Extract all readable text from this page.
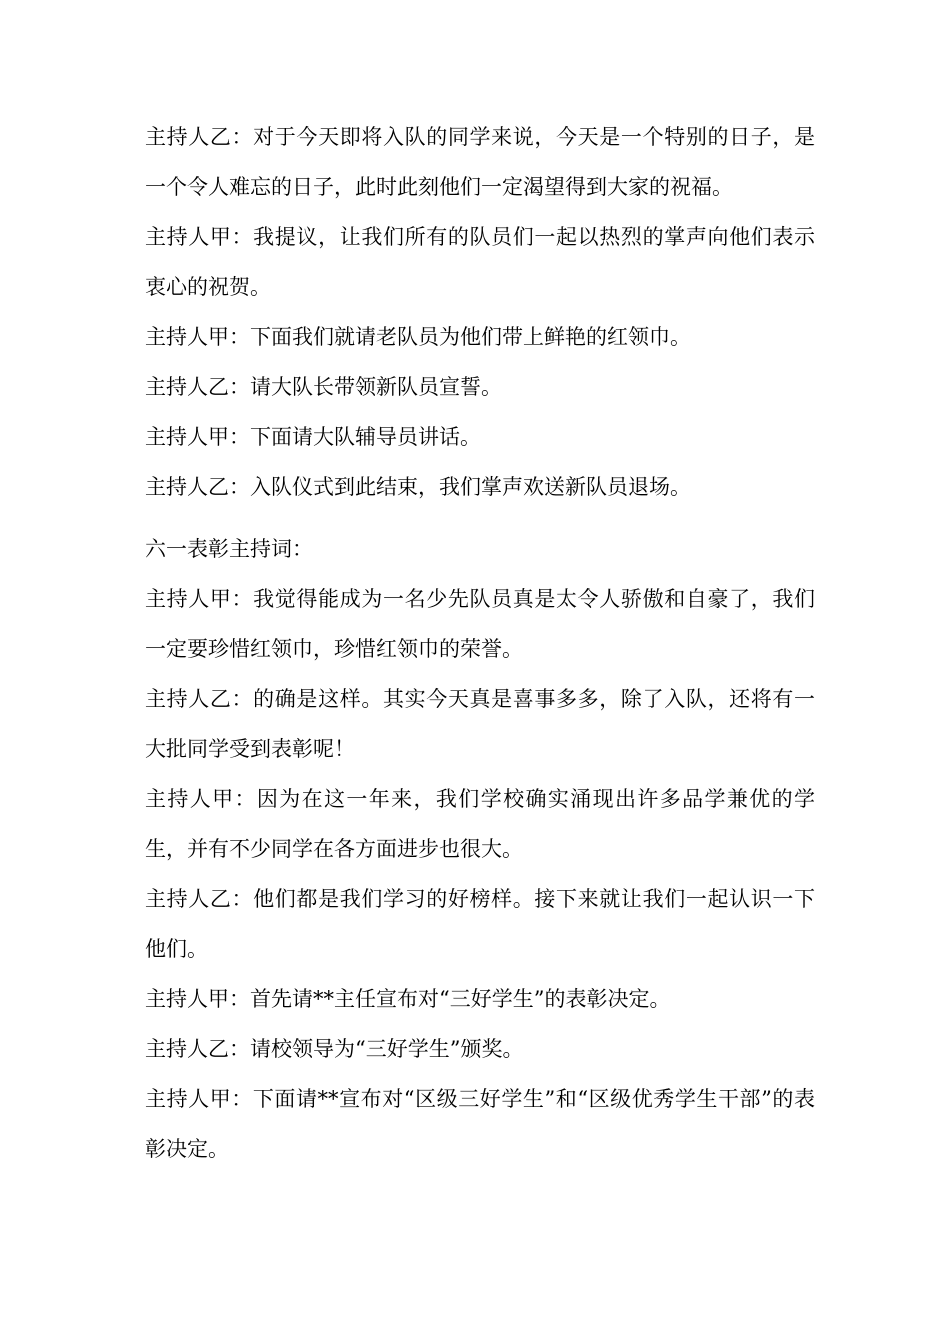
主持人乙：对于今天即将入队的同学来说，今天是一个特别的日子，是一个令人难忘的日子，此时此刻他们一定渴望得到大家的祝福。

主持人甲：我提议，让我们所有的队员们一起以热烈的掌声向他们表示衷心的祝贺。

主持人甲：下面我们就请老队员为他们带上鲜艳的红领巾。

主持人乙：请大队长带领新队员宣誓。

主持人甲：下面请大队辅导员讲话。

主持人乙：入队仪式到此结束，我们掌声欢送新队员退场。

六一表彰主持词：

主持人甲：我觉得能成为一名少先队员真是太令人骄傲和自豪了，我们一定要珍惜红领巾，珍惜红领巾的荣誉。

主持人乙：的确是这样。其实今天真是喜事多多，除了入队，还将有一大批同学受到表彰呢！

主持人甲：因为在这一年来，我们学校确实涌现出许多品学兼优的学生，并有不少同学在各方面进步也很大。

主持人乙：他们都是我们学习的好榜样。接下来就让我们一起认识一下他们。

主持人甲：首先请**主任宣布对“三好学生”的表彰决定。

主持人乙：请校领导为“三好学生”颁奖。

主持人甲：下面请**宣布对“区级三好学生”和“区级优秀学生干部”的表彰决定。
